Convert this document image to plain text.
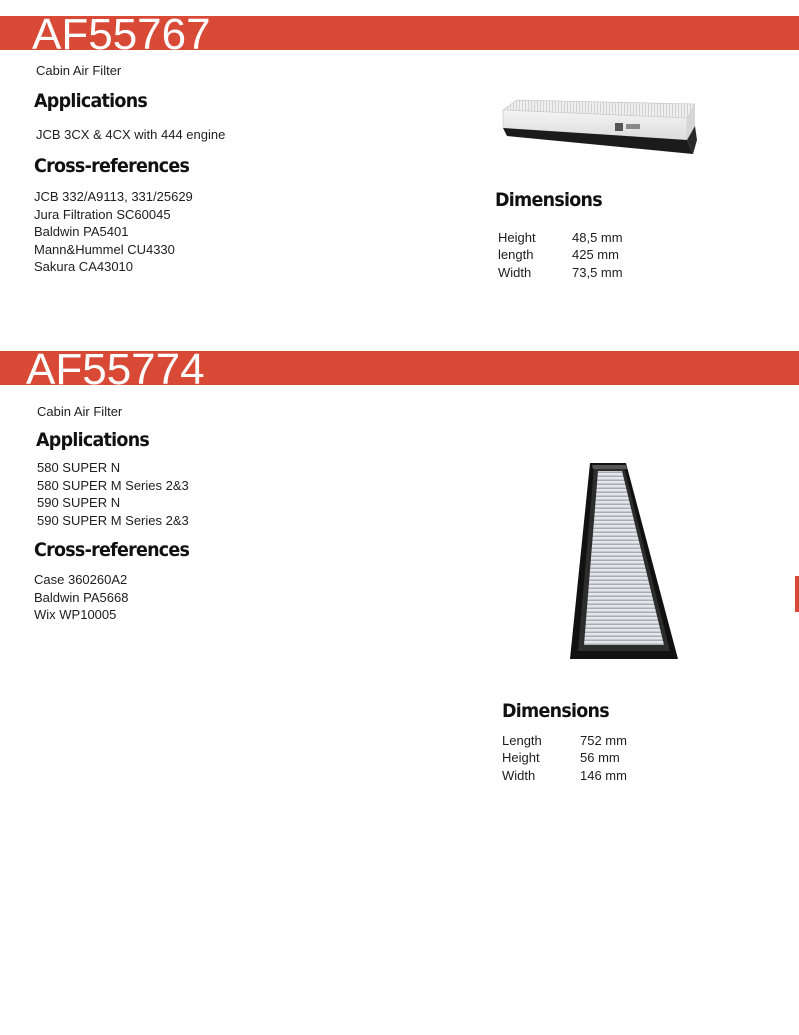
AF55767
Cabin Air Filter
Applications
JCB 3CX & 4CX with 444 engine
Cross-references
JCB 332/A9113, 331/25629
Jura Filtration SC60045
Baldwin PA5401
Mann&Hummel CU4330
Sakura CA43010
Dimensions
Height	48,5 mm
length	425 mm
Width	73,5 mm
AF55774
Cabin Air Filter
Applications
580 SUPER N
580 SUPER M Series 2&3
590 SUPER N
590 SUPER M Series 2&3
Cross-references
Case 360260A2
Baldwin PA5668
Wix WP10005
Dimensions
Length	752 mm
Height	56 mm
Width	146 mm
